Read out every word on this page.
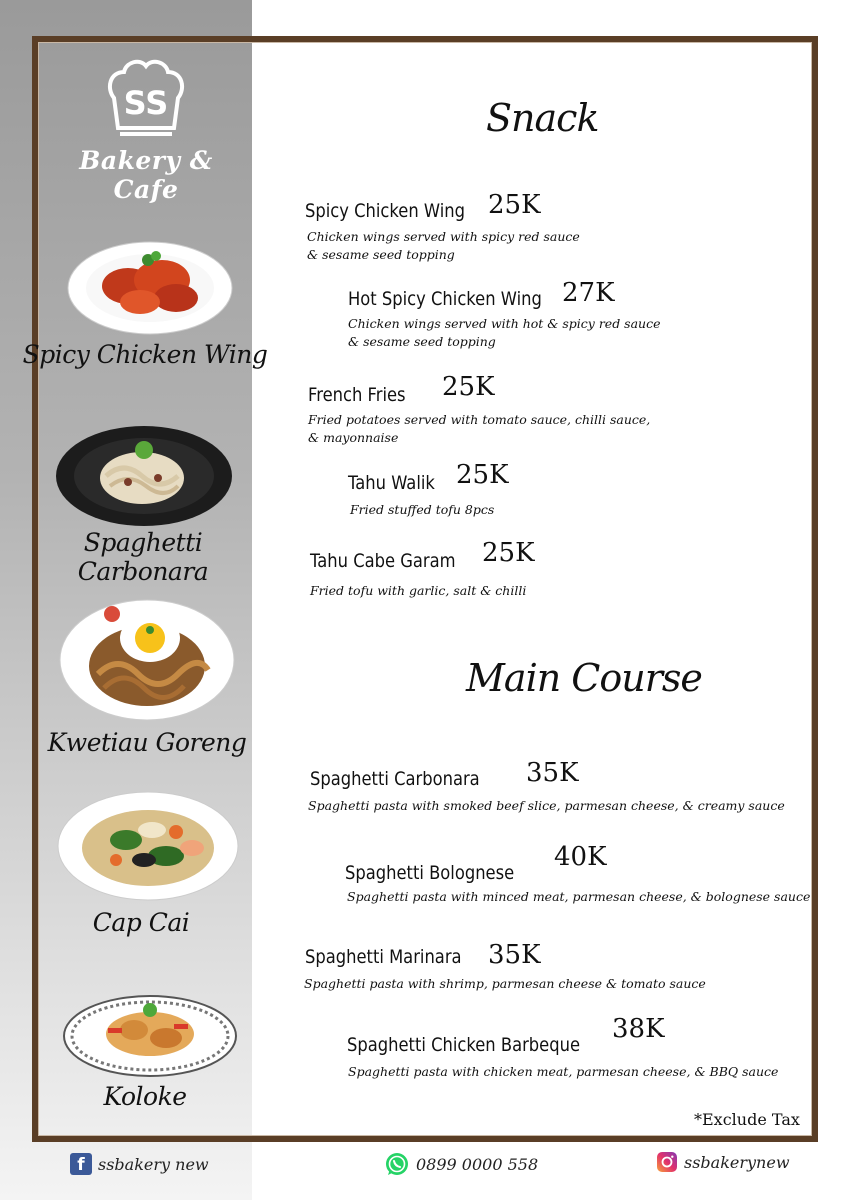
SS
Bakery & Cafe
Spicy Chicken Wing
Spaghetti Carbonara
Kwetiau Goreng
Cap Cai
Koloke
Snack
Spicy Chicken Wing 25K
Chicken wings served with spicy red sauce
& sesame seed topping
Hot Spicy Chicken Wing 27K
Chicken wings served with hot & spicy red sauce
& sesame seed topping
French Fries 25K
Fried potatoes served with tomato sauce, chilli sauce,
& mayonnaise
Tahu Walik 25K
Fried stuffed tofu 8pcs
Tahu Cabe Garam 25K
Fried tofu with garlic, salt & chilli
Main Course
Spaghetti Carbonara 35K
Spaghetti pasta with smoked beef slice, parmesan cheese, & creamy sauce
Spaghetti Bolognese
40K
Spaghetti pasta with minced meat, parmesan cheese, & bolognese sauce
Spaghetti Marinara 35K
Spaghetti pasta with shrimp, parmesan cheese & tomato sauce
Spaghetti Chicken Barbeque
38K
Spaghetti pasta with chicken meat, parmesan cheese, & BBQ sauce
*Exclude Tax
f ssbakery new	0899 0000 558	ssbakerynew
